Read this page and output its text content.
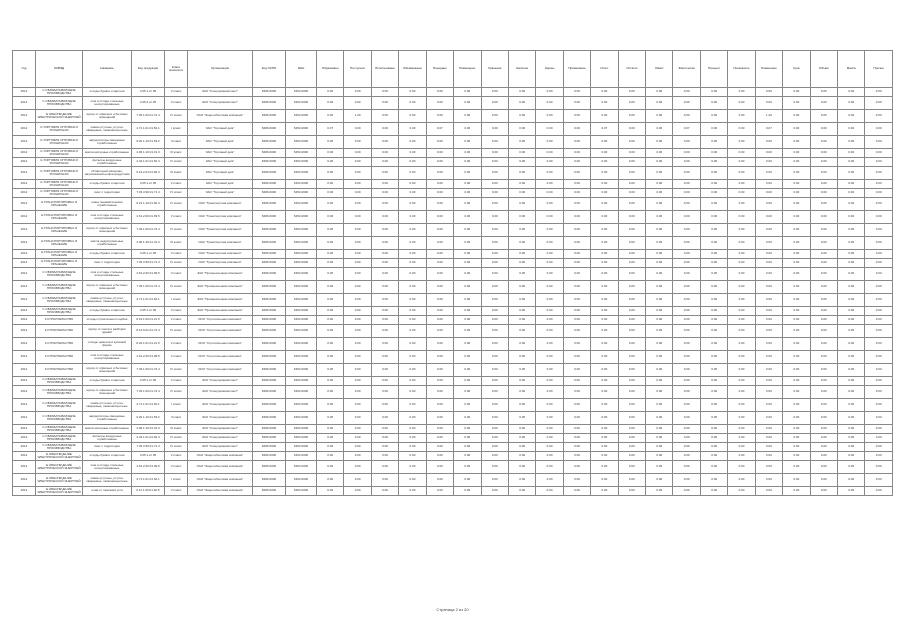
Год	ОКВЭД	Название	Код продукции	Класс опасности	Организация	Код ОКПО	ИНН	Образовано	Поступило	Использовано	Обезврежено	Передано	Размещено	Хранение	Наличие	Нормы	Примечание	Итого	Остаток	Лимит	Фактически	Процент	Показатель	Изменение	Срок	Объём	Масса	Прочее
2012	С.ОБРАБАТЫВАЮЩИЕ ПРОИЗВОДСТВА	отходы бумаги и картона	4.05.1.сс.05	V класс	ЗАО "Спецпромкомплект"	8496.0000	6254.0000	0.00	0.00	0.00	0.00	0.00	0.00	0.00	0.00	0.00	0.00	0.00	0.00	0.00	0.00	0.00	0.00	0.00	0.00	0.00	0.00	0.00
2012	С.ОБРАБАТЫВАЮЩИЕ ПРОИЗВОДСТВА	лом и отходы стальные несортированные	4.05.2.сс.25	V класс	ЗАО "Спецпромкомплект"	8496.0000	6254.0000	0.00	0.00	0.00	0.00	0.00	0.00	0.00	0.00	0.00	0.00	0.00	0.00	0.00	0.00	0.00	0.00	0.00	0.00	0.00	0.00	0.00
2012	Е.ОБЕСПЕЧЕНИЕ ЭЛЕКТРИЧЕСКОЙ ЭНЕРГИЕЙ	мусор от офисных и бытовых помещений	7.33.1.00.01.72.4	IV класс	ОАО "Энергосбытовая компания"	8496.0000	6254.0000	0.00	1.20	0.00	0.00	0.00	0.00	0.00	0.00	0.00	0.00	0.00	0.00	0.00	0.00	0.00	0.00	1.20	0.00	0.00	0.00	0.00
2012	G.ТОРГОВЛЯ ОПТОВАЯ И РОЗНИЧНАЯ	лампы ртутные, ртутно-кварцевые, люминесцентные	4.71.1.01.01.52.1	I класс	ЗАО "Торговый дом"	8496.0000	6254.0000	0.07	0.00	0.00	0.00	0.07	0.00	0.00	0.00	0.00	0.00	0.07	0.00	0.00	0.07	0.00	0.00	0.07	0.00	0.00	0.00	0.00
2012	G.ТОРГОВЛЯ ОПТОВАЯ И РОЗНИЧНАЯ	аккумуляторы свинцовые отработанные	9.20.1.10.01.53.2	II класс	ЗАО "Торговый дом"	8496.0000	6254.0000	0.00	0.00	0.00	0.00	0.00	0.00	0.00	0.00	0.00	0.00	0.00	0.00	0.00	0.00	0.00	0.00	0.00	0.00	0.00	0.00	0.00
2012	G.ТОРГОВЛЯ ОПТОВАЯ И РОЗНИЧНАЯ	масла моторные отработанные	4.06.1.10.01.31.3	III класс	ЗАО "Торговый дом"	8496.0000	6254.0000	0.00	0.00	0.00	0.00	0.00	0.00	0.00	0.00	0.00	0.00	0.00	0.00	0.00	0.00	0.00	0.00	0.00	0.00	0.00	0.00	0.00
2012	G.ТОРГОВЛЯ ОПТОВАЯ И РОЗНИЧНАЯ	фильтры воздушные отработанные	4.43.1.01.01.52.4	IV класс	ЗАО "Торговый дом"	8496.0000	6254.0000	0.00	0.00	0.00	0.00	0.00	0.00	0.00	0.00	0.00	0.00	0.00	0.00	0.00	0.00	0.00	0.00	0.00	0.00	0.00	0.00	0.00
2012	G.ТОРГОВЛЯ ОПТОВАЯ И РОЗНИЧНАЯ	обтирочный материал, загрязнённый нефтепродуктами	9.19.2.04.01.60.3	III класс	ЗАО "Торговый дом"	8496.0000	6254.0000	0.00	0.00	0.00	0.00	0.00	0.00	0.00	0.00	0.00	0.00	0.00	0.00	0.00	0.00	0.00	0.00	0.00	0.00	0.00	0.00	0.00
2012	G.ТОРГОВЛЯ ОПТОВАЯ И РОЗНИЧНАЯ	отходы бумаги и картона	4.05.1.сс.05	V класс	ЗАО "Торговый дом"	8496.0000	6254.0000	0.00	0.00	0.00	0.00	0.00	0.00	0.00	0.00	0.00	0.00	0.00	0.00	0.00	0.00	0.00	0.00	0.00	0.00	0.00	0.00	0.00
2012	G.ТОРГОВЛЯ ОПТОВАЯ И РОЗНИЧНАЯ	смет с территории	7.33.3.90.01.71.4	IV класс	ЗАО "Торговый дом"	8496.0000	6254.0000	0.00	0.00	0.00	0.00	0.00	0.00	0.00	0.00	0.00	0.00	0.00	0.00	0.00	0.00	0.00	0.00	0.00	0.00	0.00	0.00	0.00
2012	Н.ТРАНСПОРТИРОВКА И ХРАНЕНИЕ	шины пневматические отработанные	9.21.1.10.01.50.4	IV класс	ОАО "Транспортная компания"	8496.0000	6254.0000	0.00	0.00	0.00	0.00	0.00	0.00	0.00	0.00	0.00	0.00	0.00	0.00	0.00	0.00	0.00	0.00	0.00	0.00	0.00	0.00	0.00
2012	Н.ТРАНСПОРТИРОВКА И ХРАНЕНИЕ	лом и отходы стальные несортированные	4.61.2.00.01.99.5	V класс	ОАО "Транспортная компания"	8496.0000	6254.0000	0.00	0.00	0.00	0.00	0.00	0.00	0.00	0.00	0.00	0.00	0.00	0.00	0.00	0.00	0.00	0.00	0.00	0.00	0.00	0.00	0.00
2012	Н.ТРАНСПОРТИРОВКА И ХРАНЕНИЕ	мусор от офисных и бытовых помещений	7.33.1.00.01.72.4	IV класс	ОАО "Транспортная компания"	8496.0000	6254.0000	0.00	0.00	0.00	0.00	0.00	0.00	0.00	0.00	0.00	0.00	0.00	0.00	0.00	0.00	0.00	0.00	0.00	0.00	0.00	0.00	0.00
2012	Н.ТРАНСПОРТИРОВКА И ХРАНЕНИЕ	масла индустриальные отработанные	4.06.1.30.01.31.3	III класс	ОАО "Транспортная компания"	8496.0000	6254.0000	0.00	0.00	0.00	0.00	0.00	0.00	0.00	0.00	0.00	0.00	0.00	0.00	0.00	0.00	0.00	0.00	0.00	0.00	0.00	0.00	0.00
2012	Н.ТРАНСПОРТИРОВКА И ХРАНЕНИЕ	отходы бумаги и картона	4.05.1.сс.05	V класс	ОАО "Транспортная компания"	8496.0000	6254.0000	0.00	0.00	0.00	0.00	0.00	0.00	0.00	0.00	0.00	0.00	0.00	0.00	0.00	0.00	0.00	0.00	0.00	0.00	0.00	0.00	0.00
2012	Н.ТРАНСПОРТИРОВКА И ХРАНЕНИЕ	смет с территории	7.33.3.90.01.71.4	IV класс	ОАО "Транспортная компания"	8496.0000	6254.0000	0.00	0.00	0.00	0.00	0.00	0.00	0.00	0.00	0.00	0.00	0.00	0.00	0.00	0.00	0.00	0.00	0.00	0.00	0.00	0.00	0.00
2012	С.ОБРАБАТЫВАЮЩИЕ ПРОИЗВОДСТВА	лом и отходы стальные несортированные	4.61.2.00.01.99.5	V класс	ЗАО "Промышленная компания"	8496.0000	6254.0000	0.00	0.00	0.00	0.00	0.00	0.00	0.00	0.00	0.00	0.00	0.00	0.00	0.00	0.00	0.00	0.00	0.00	0.00	0.00	0.00	0.00
2012	С.ОБРАБАТЫВАЮЩИЕ ПРОИЗВОДСТВА	мусор от офисных и бытовых помещений	7.33.1.00.01.72.4	IV класс	ЗАО "Промышленная компания"	8496.0000	6254.0000	0.00	0.00	0.00	0.00	0.00	0.00	0.00	0.00	0.00	0.00	0.00	0.00	0.00	0.00	0.00	0.00	0.00	0.00	0.00	0.00	0.00
2012	С.ОБРАБАТЫВАЮЩИЕ ПРОИЗВОДСТВА	лампы ртутные, ртутно-кварцевые, люминесцентные	4.71.1.01.01.52.1	I класс	ЗАО "Промышленная компания"	8496.0000	6254.0000	0.00	0.00	0.00	0.00	0.00	0.00	0.00	0.00	0.00	0.00	0.00	0.00	0.00	0.00	0.00	0.00	0.00	0.00	0.00	0.00	0.00
2012	С.ОБРАБАТЫВАЮЩИЕ ПРОИЗВОДСТВА	отходы бумаги и картона	4.05.1.сс.05	V класс	ЗАО "Промышленная компания"	8496.0000	6254.0000	0.00	0.00	0.00	0.00	0.00	0.00	0.00	0.00	0.00	0.00	0.00	0.00	0.00	0.00	0.00	0.00	0.00	0.00	0.00	0.00	0.00
2012	F.СТРОИТЕЛЬСТВО	отходы строительного щебня	8.19.1.00.01.21.5	V класс	ООО "Строительная компания"	8496.0000	6254.0000	0.00	0.00	0.00	0.00	0.00	0.00	0.00	0.00	0.00	0.00	0.00	0.00	0.00	0.00	0.00	0.00	0.00	0.00	0.00	0.00	0.00
2012	F.СТРОИТЕЛЬСТВО	мусор от сноса и разборки зданий	8.12.9.01.01.72.4	IV класс	ООО "Строительная компания"	8496.0000	6254.0000	0.00	0.00	0.00	0.00	0.00	0.00	0.00	0.00	0.00	0.00	0.00	0.00	0.00	0.00	0.00	0.00	0.00	0.00	0.00	0.00	0.00
2012	F.СТРОИТЕЛЬСТВО	отходы цемента в кусковой форме	8.22.1.01.01.21.5	V класс	ООО "Строительная компания"	8496.0000	6254.0000	0.00	0.00	0.00	0.00	0.00	0.00	0.00	0.00	0.00	0.00	0.00	0.00	0.00	0.00	0.00	0.00	0.00	0.00	0.00	0.00	0.00
2012	F.СТРОИТЕЛЬСТВО	лом и отходы стальные несортированные	4.61.2.00.01.99.5	V класс	ООО "Строительная компания"	8496.0000	6254.0000	0.00	0.00	0.00	0.00	0.00	0.00	0.00	0.00	0.00	0.00	0.00	0.00	0.00	0.00	0.00	0.00	0.00	0.00	0.00	0.00	0.00
2012	F.СТРОИТЕЛЬСТВО	мусор от офисных и бытовых помещений	7.33.1.00.01.72.4	IV класс	ООО "Строительная компания"	8496.0000	6254.0000	0.00	0.00	0.00	0.00	0.00	0.00	0.00	0.00	0.00	0.00	0.00	0.00	0.00	0.00	0.00	0.00	0.00	0.00	0.00	0.00	0.00
2012	С.ОБРАБАТЫВАЮЩИЕ ПРОИЗВОДСТВА	отходы бумаги и картона	4.05.1.сс.05	V класс	ЗАО "Спецпромкомплект"	8496.0000	6254.0000	0.00	0.00	0.00	0.00	0.00	0.00	0.00	0.00	0.00	0.00	0.00	0.00	0.00	0.00	0.00	0.00	0.00	0.00	0.00	0.00	0.00
2012	С.ОБРАБАТЫВАЮЩИЕ ПРОИЗВОДСТВА	мусор от офисных и бытовых помещений	7.33.1.00.01.72.4	IV класс	ЗАО "Спецпромкомплект"	8496.0000	6254.0000	0.00	0.00	0.00	0.00	0.00	0.00	0.00	0.00	0.00	0.00	0.00	0.00	0.00	0.00	0.00	0.00	0.00	0.00	0.00	0.00	0.00
2012	С.ОБРАБАТЫВАЮЩИЕ ПРОИЗВОДСТВА	лампы ртутные, ртутно-кварцевые, люминесцентные	4.71.1.01.01.52.1	I класс	ЗАО "Спецпромкомплект"	8496.0000	6254.0000	0.00	0.00	0.00	0.00	0.00	0.00	0.00	0.00	0.00	0.00	0.00	0.00	0.00	0.00	0.00	0.00	0.00	0.00	0.00	0.00	0.00
2012	С.ОБРАБАТЫВАЮЩИЕ ПРОИЗВОДСТВА	аккумуляторы свинцовые отработанные	9.20.1.10.01.53.2	II класс	ЗАО "Спецпромкомплект"	8496.0000	6254.0000	0.00	0.00	0.00	0.00	0.00	0.00	0.00	0.00	0.00	0.00	0.00	0.00	0.00	0.00	0.00	0.00	0.00	0.00	0.00	0.00	0.00
2012	С.ОБРАБАТЫВАЮЩИЕ ПРОИЗВОДСТВА	масла моторные отработанные	4.06.1.10.01.31.3	III класс	ЗАО "Спецпромкомплект"	8496.0000	6254.0000	0.00	0.00	0.00	0.00	0.00	0.00	0.00	0.00	0.00	0.00	0.00	0.00	0.00	0.00	0.00	0.00	0.00	0.00	0.00	0.00	0.00
2012	С.ОБРАБАТЫВАЮЩИЕ ПРОИЗВОДСТВА	фильтры воздушные отработанные	4.43.1.01.01.52.4	IV класс	ЗАО "Спецпромкомплект"	8496.0000	6254.0000	0.00	0.00	0.00	0.00	0.00	0.00	0.00	0.00	0.00	0.00	0.00	0.00	0.00	0.00	0.00	0.00	0.00	0.00	0.00	0.00	0.00
2012	С.ОБРАБАТЫВАЮЩИЕ ПРОИЗВОДСТВА	смет с территории	7.33.3.90.01.71.4	IV класс	ЗАО "Спецпромкомплект"	8496.0000	6254.0000	0.00	0.00	0.00	0.00	0.00	0.00	0.00	0.00	0.00	0.00	0.00	0.00	0.00	0.00	0.00	0.00	0.00	0.00	0.00	0.00	0.00
2012	Е.ОБЕСПЕЧЕНИЕ ЭЛЕКТРИЧЕСКОЙ ЭНЕРГИЕЙ	отходы бумаги и картона	4.05.1.сс.05	V класс	ОАО "Энергосбытовая компания"	8496.0000	6254.0000	0.00	0.00	0.00	0.00	0.00	0.00	0.00	0.00	0.00	0.00	0.00	0.00	0.00	0.00	0.00	0.00	0.00	0.00	0.00	0.00	0.00
2012	Е.ОБЕСПЕЧЕНИЕ ЭЛЕКТРИЧЕСКОЙ ЭНЕРГИЕЙ	лом и отходы стальные несортированные	4.61.2.00.01.99.5	V класс	ОАО "Энергосбытовая компания"	8496.0000	6254.0000	0.00	0.00	0.00	0.00	0.00	0.00	0.00	0.00	0.00	0.00	0.00	0.00	0.00	0.00	0.00	0.00	0.00	0.00	0.00	0.00	0.00
2012	Е.ОБЕСПЕЧЕНИЕ ЭЛЕКТРИЧЕСКОЙ ЭНЕРГИЕЙ	лампы ртутные, ртутно-кварцевые, люминесцентные	4.71.1.01.01.52.1	I класс	ОАО "Энергосбытовая компания"	8496.0000	6254.0000	0.00	0.00	0.00	0.00	0.00	0.00	0.00	0.00	0.00	0.00	0.00	0.00	0.00	0.00	0.00	0.00	0.00	0.00	0.00	0.00	0.00
2012	Е.ОБЕСПЕЧЕНИЕ ЭЛЕКТРИЧЕСКОЙ ЭНЕРГИЕЙ	шлак от сжигания угля	6.11.1.00.01.20.5	V класс	ОАО "Энергосбытовая компания"	8496.0000	6254.0000	0.00	0.00	0.00	0.00	0.00	0.00	0.00	0.00	0.00	0.00	0.00	0.00	0.00	0.00	0.00	0.00	0.00	0.00	0.00	0.00	0.00
Страница 2 из 20
